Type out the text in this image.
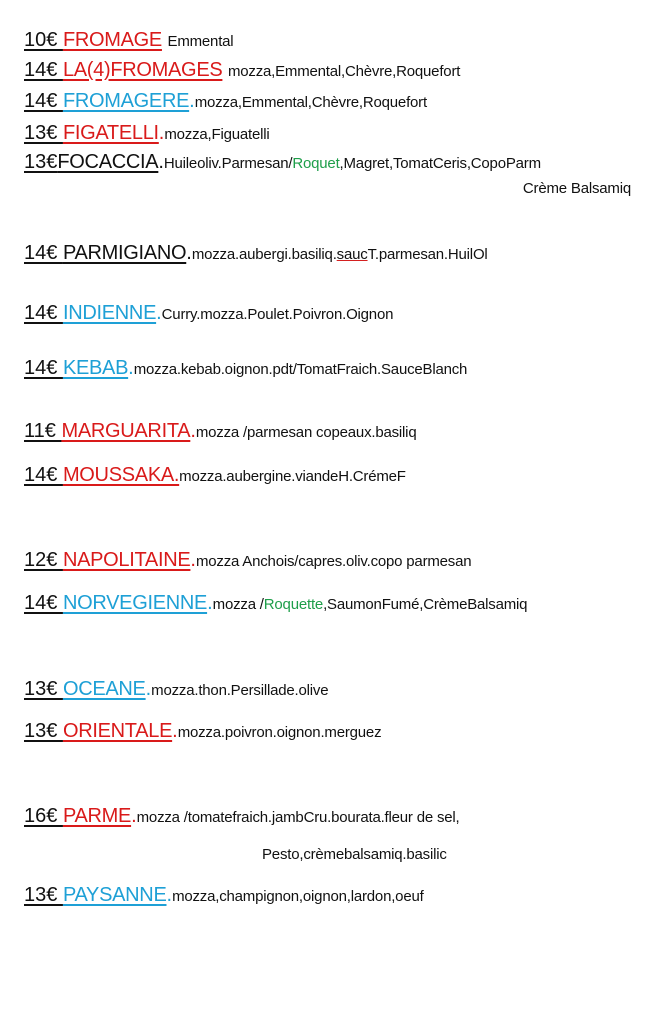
10€ FROMAGE Emmental
14€ LA(4)FROMAGES mozza,Emmental,Chèvre,Roquefort
14€ FROMAGERE.mozza,Emmental,Chèvre,Roquefort
13€ FIGATELLI.mozza,Figuatelli
13€FOCACCIA.Huileoliv.Parmesan/Roquet,Magret,TomatCeris,CopoParm
Crème Balsamiq
14€ PARMIGIANO.mozza.aubergi.basiliq.saucT.parmesan.HuilOl
14€ INDIENNE.Curry.mozza.Poulet.Poivron.Oignon
14€ KEBAB.mozza.kebab.oignon.pdt/TomatFraich.SauceBlanch
11€ MARGUARITA.mozza /parmesan copeaux.basiliq
14€ MOUSSAKA.mozza.aubergine.viandeH.CrémeF
12€ NAPOLITAINE.mozza Anchois/capres.oliv.copo parmesan
14€ NORVEGIENNE.mozza /Roquette,SaumonFumé,CrèmeBalsamiq
13€ OCEANE.mozza.thon.Persillade.olive
13€ ORIENTALE.mozza.poivron.oignon.merguez
16€ PARME.mozza /tomatefraich.jambCru.bourata.fleur de sel,
Pesto,crèmebalsamiq.basilic
13€ PAYSANNE.mozza,champignon,oignon,lardon,oeuf
